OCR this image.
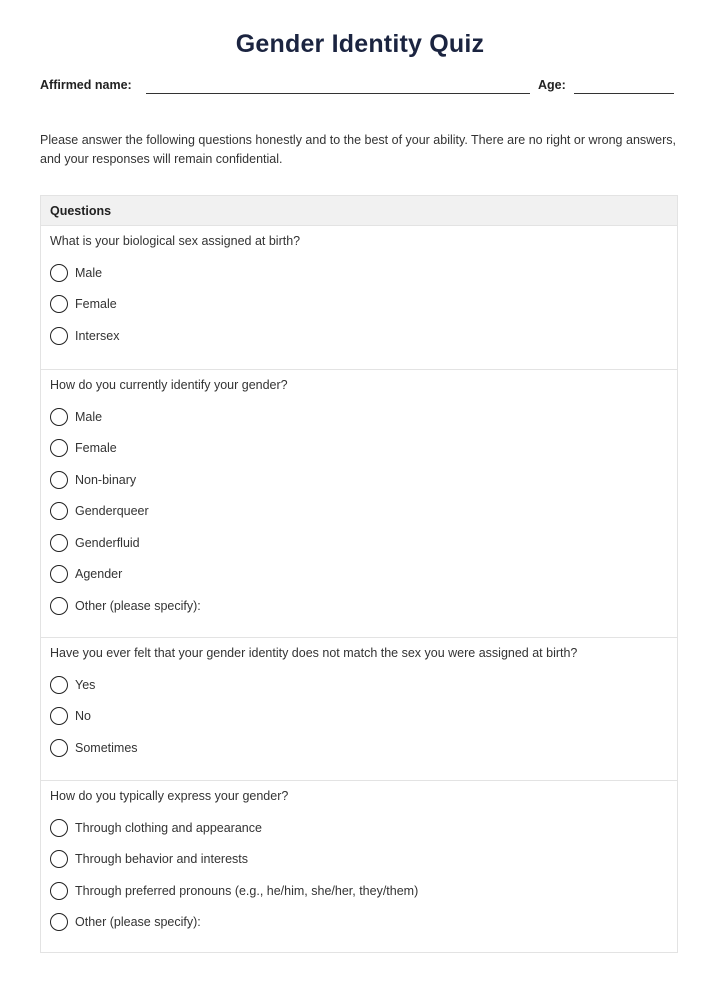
Gender Identity Quiz
Affirmed name:	Age:
Please answer the following questions honestly and to the best of your ability. There are no right or wrong answers, and your responses will remain confidential.
Questions
What is your biological sex assigned at birth?
Male
Female
Intersex
How do you currently identify your gender?
Male
Female
Non-binary
Genderqueer
Genderfluid
Agender
Other (please specify):
Have you ever felt that your gender identity does not match the sex you were assigned at birth?
Yes
No
Sometimes
How do you typically express your gender?
Through clothing and appearance
Through behavior and interests
Through preferred pronouns (e.g., he/him, she/her, they/them)
Other (please specify):
